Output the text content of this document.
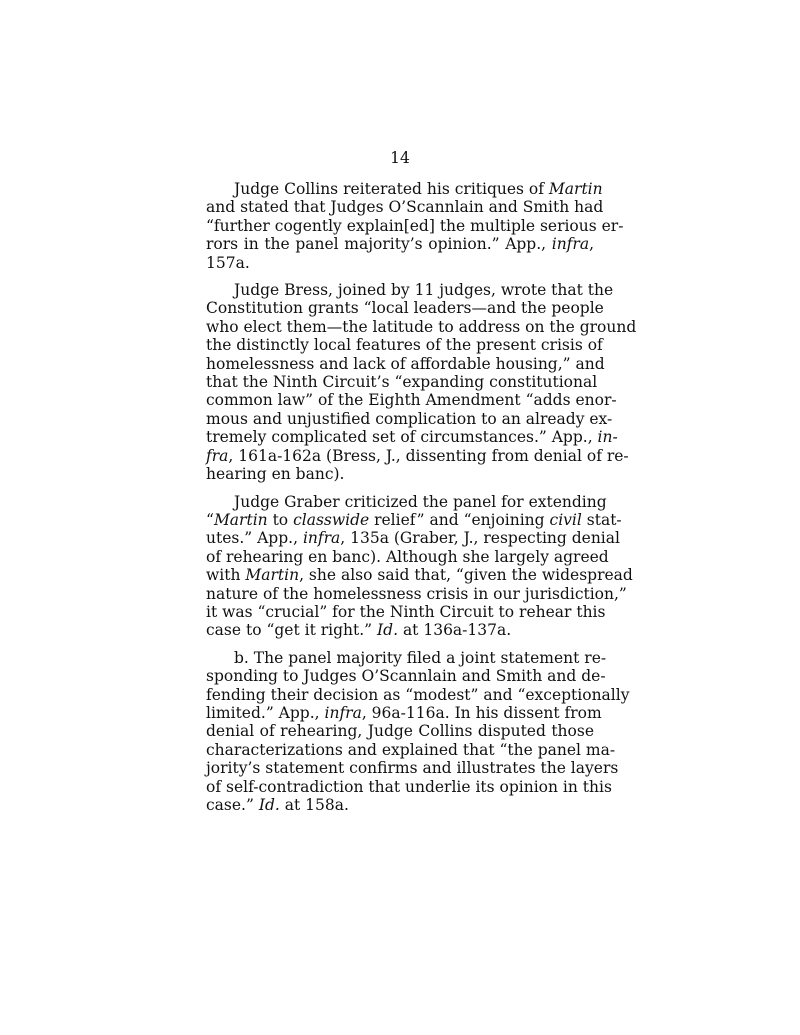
14

Judge Collins reiterated his critiques of Martin
and stated that Judges O’Scannlain and Smith had
“further cogently explain[ed] the multiple serious er-
rors in the panel majority’s opinion.” App., infra,
157a.

Judge Bress, joined by 11 judges, wrote that the
Constitution grants “local leaders—and the people
who elect them—the latitude to address on the ground
the distinctly local features of the present crisis of
homelessness and lack of affordable housing,” and
that the Ninth Circuit’s “expanding constitutional
common law” of the Eighth Amendment “adds enor-
mous and unjustified complication to an already ex-
tremely complicated set of circumstances.” App., in-
fra, 161a-162a (Bress, J., dissenting from denial of re-
hearing en banc).

Judge Graber criticized the panel for extending
“Martin to classwide relief” and “enjoining civil stat-
utes.” App., infra, 135a (Graber, J., respecting denial
of rehearing en banc). Although she largely agreed
with Martin, she also said that, “given the widespread
nature of the homelessness crisis in our jurisdiction,”
it was “crucial” for the Ninth Circuit to rehear this
case to “get it right.” Id. at 136a-137a.

b. The panel majority filed a joint statement re-
sponding to Judges O’Scannlain and Smith and de-
fending their decision as “modest” and “exceptionally
limited.” App., infra, 96a-116a. In his dissent from
denial of rehearing, Judge Collins disputed those
characterizations and explained that “the panel ma-
jority’s statement confirms and illustrates the layers
of self-contradiction that underlie its opinion in this
case.” Id. at 158a.
